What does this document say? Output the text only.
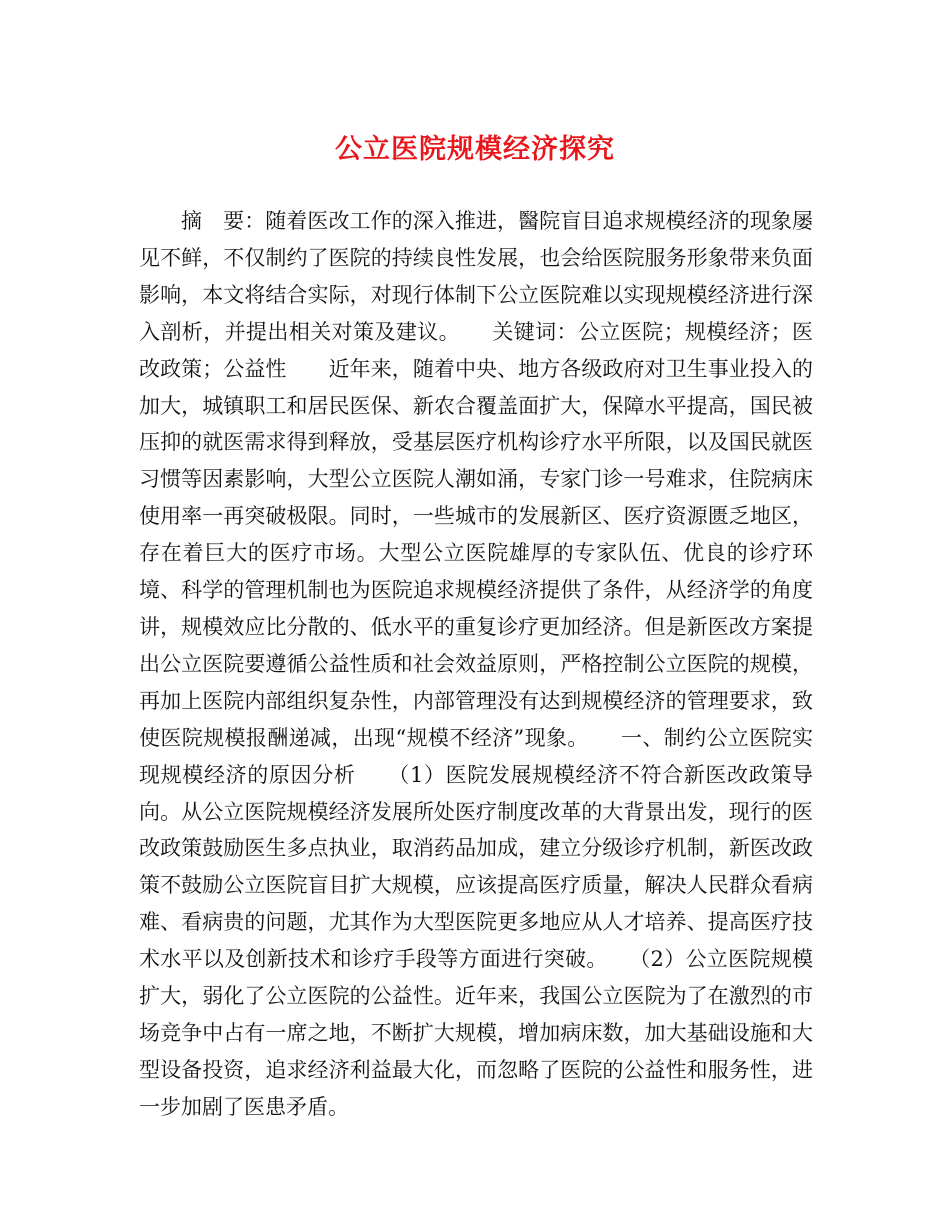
公立医院规模经济探究

摘　要：随着医改工作的深入推进，醫院盲目追求规模经济的现象屡见不鲜，不仅制约了医院的持续良性发展，也会给医院服务形象带来负面影响，本文将结合实际，对现行体制下公立医院难以实现规模经济进行深入剖析，并提出相关对策及建议。　　关键词：公立医院；规模经济；医改政策；公益性　　近年来，随着中央、地方各级政府对卫生事业投入的加大，城镇职工和居民医保、新农合覆盖面扩大，保障水平提高，国民被压抑的就医需求得到释放，受基层医疗机构诊疗水平所限，以及国民就医习惯等因素影响，大型公立医院人潮如涌，专家门诊一号难求，住院病床使用率一再突破极限。同时，一些城市的发展新区、医疗资源匮乏地区，存在着巨大的医疗市场。大型公立医院雄厚的专家队伍、优良的诊疗环境、科学的管理机制也为医院追求规模经济提供了条件，从经济学的角度讲，规模效应比分散的、低水平的重复诊疗更加经济。但是新医改方案提出公立医院要遵循公益性质和社会效益原则，严格控制公立医院的规模，再加上医院内部组织复杂性，内部管理没有达到规模经济的管理要求，致使医院规模报酬递减，出现“规模不经济”现象。　　一、制约公立医院实现规模经济的原因分析　　（1）医院发展规模经济不符合新医改政策导向。从公立医院规模经济发展所处医疗制度改革的大背景出发，现行的医改政策鼓励医生多点执业，取消药品加成，建立分级诊疗机制，新医改政策不鼓励公立医院盲目扩大规模，应该提高医疗质量，解决人民群众看病难、看病贵的问题，尤其作为大型医院更多地应从人才培养、提高医疗技术水平以及创新技术和诊疗手段等方面进行突破。　　（2）公立医院规模扩大，弱化了公立医院的公益性。近年来，我国公立医院为了在激烈的市场竞争中占有一席之地，不断扩大规模，增加病床数，加大基础设施和大型设备投资，追求经济利益最大化，而忽略了医院的公益性和服务性，进一步加剧了医患矛盾。
